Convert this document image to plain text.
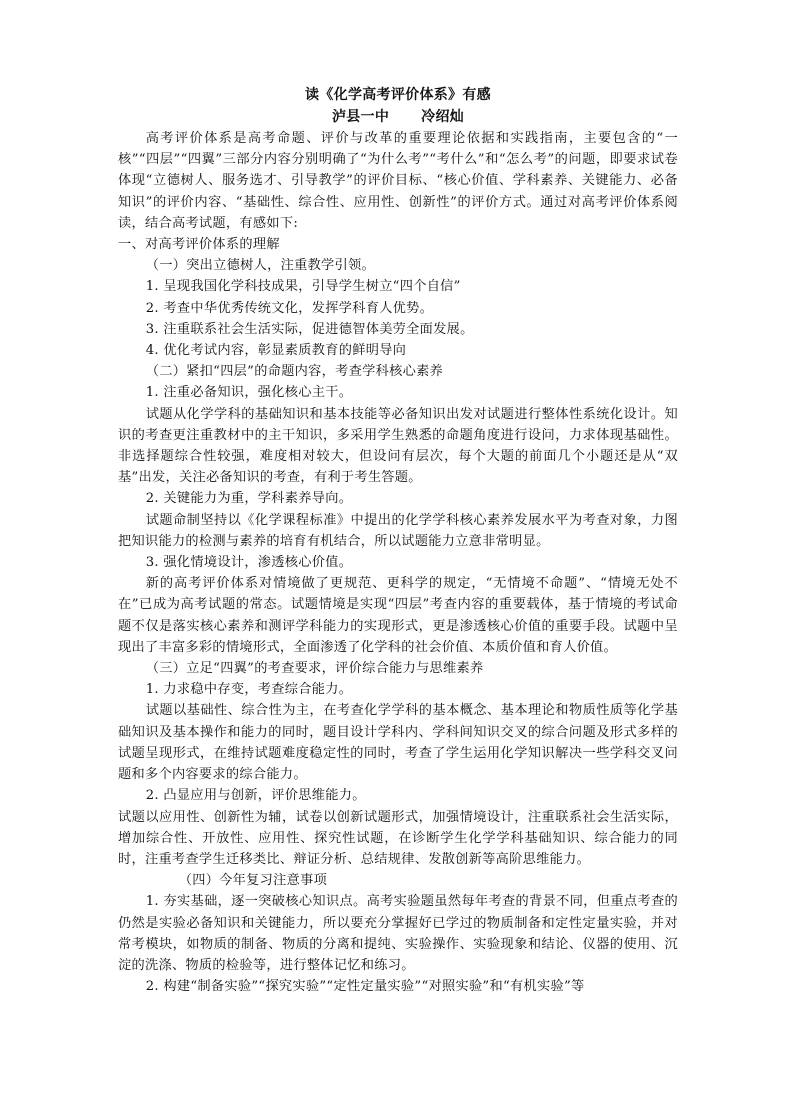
读《化学高考评价体系》有感

泸县一中 冷绍灿

高考评价体系是高考命题、评价与改革的重要理论依据和实践指南，主要包含的“一核”“四层”“四翼”三部分内容分别明确了“为什么考”“考什么”和“怎么考”的问题，即要求试卷体现“立德树人、服务选才、引导教学”的评价目标、“核心价值、学科素养、关键能力、必备知识”的评价内容、“基础性、综合性、应用性、创新性”的评价方式。通过对高考评价体系阅读，结合高考试题，有感如下:

一、对高考评价体系的理解

（一）突出立德树人，注重教学引领。

1. 呈现我国化学科技成果，引导学生树立“四个自信”

2. 考查中华优秀传统文化，发挥学科育人优势。

3. 注重联系社会生活实际，促进德智体美劳全面发展。

4. 优化考试内容，彰显素质教育的鲜明导向

（二）紧扣“四层”的命题内容，考查学科核心素养

1. 注重必备知识，强化核心主干。

试题从化学学科的基础知识和基本技能等必备知识出发对试题进行整体性系统化设计。知识的考查更注重教材中的主干知识，多采用学生熟悉的命题角度进行设问，力求体现基础性。非选择题综合性较强，难度相对较大，但设问有层次，每个大题的前面几个小题还是从“双基”出发，关注必备知识的考查，有利于考生答题。

2. 关键能力为重，学科素养导向。

试题命制坚持以《化学课程标准》中提出的化学学科核心素养发展水平为考查对象，力图把知识能力的检测与素养的培育有机结合，所以试题能力立意非常明显。

3. 强化情境设计，渗透核心价值。

新的高考评价体系对情境做了更规范、更科学的规定，“无情境不命题”、“情境无处不在”已成为高考试题的常态。试题情境是实现“四层”考查内容的重要载体，基于情境的考试命题不仅是落实核心素养和测评学科能力的实现形式，更是渗透核心价值的重要手段。试题中呈现出了丰富多彩的情境形式，全面渗透了化学科的社会价值、本质价值和育人价值。

（三）立足“四翼”的考查要求，评价综合能力与思维素养

1. 力求稳中存变，考查综合能力。

试题以基础性、综合性为主，在考查化学学科的基本概念、基本理论和物质性质等化学基础知识及基本操作和能力的同时，题目设计学科内、学科间知识交叉的综合问题及形式多样的试题呈现形式，在维持试题难度稳定性的同时，考查了学生运用化学知识解决一些学科交叉问题和多个内容要求的综合能力。

2. 凸显应用与创新，评价思维能力。

试题以应用性、创新性为辅，试卷以创新试题形式，加强情境设计，注重联系社会生活实际，增加综合性、开放性、应用性、探究性试题，在诊断学生化学学科基础知识、综合能力的同时，注重考查学生迁移类比、辩证分析、总结规律、发散创新等高阶思维能力。

（四）今年复习注意事项

1. 夯实基础，逐一突破核心知识点。高考实验题虽然每年考查的背景不同，但重点考查的仍然是实验必备知识和关键能力，所以要充分掌握好已学过的物质制备和定性定量实验，并对常考模块，如物质的制备、物质的分离和提纯、实验操作、实验现象和结论、仪器的使用、沉淀的洗涤、物质的检验等，进行整体记忆和练习。

2. 构建“制备实验”“探究实验”“定性定量实验”“对照实验”和“有机实验”等
